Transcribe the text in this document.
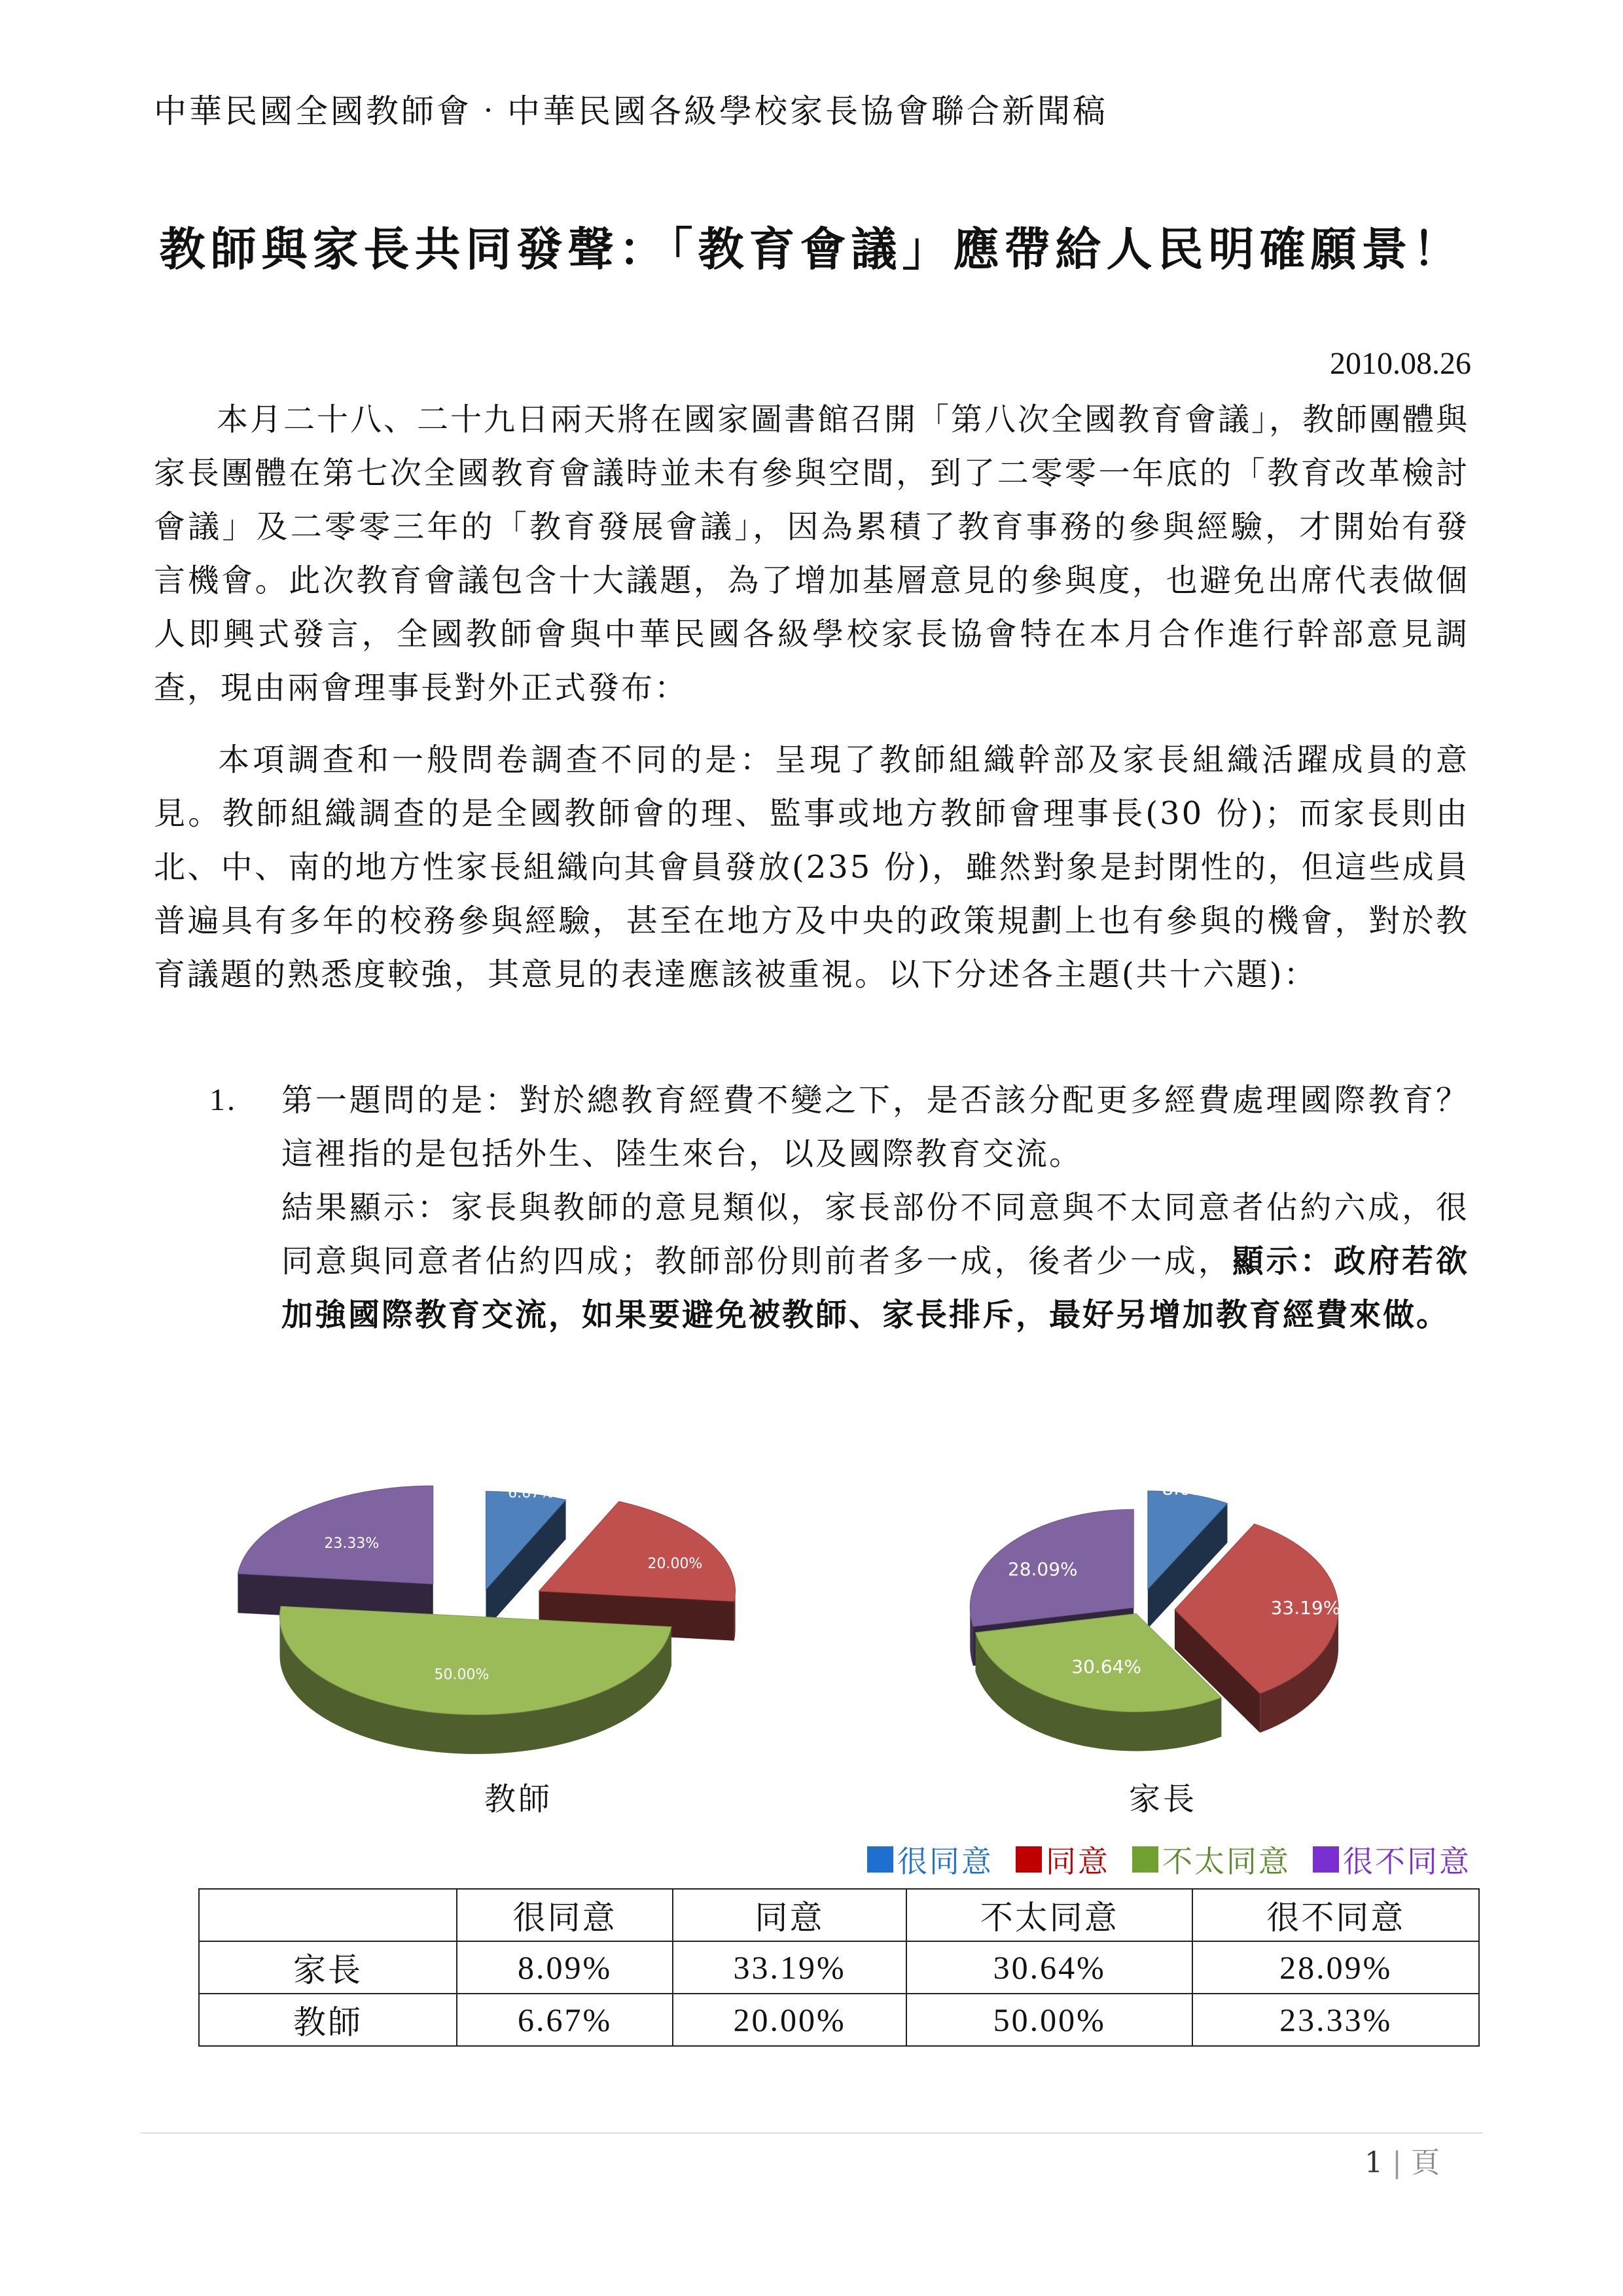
中華民國全國教師會‧中華民國各級學校家長協會聯合新聞稿
教師與家長共同發聲：「教育會議」應帶給人民明確願景！
2010.08.26
本月二十八、二十九日兩天將在國家圖書館召開「第八次全國教育會議」，教師團體與家長團體在第七次全國教育會議時並未有參與空間，到了二零零一年底的「教育改革檢討會議」及二零零三年的「教育發展會議」，因為累積了教育事務的參與經驗，才開始有發言機會。此次教育會議包含十大議題，為了增加基層意見的參與度，也避免出席代表做個人即興式發言，全國教師會與中華民國各級學校家長協會特在本月合作進行幹部意見調查，現由兩會理事長對外正式發布：
本項調查和一般問卷調查不同的是：呈現了教師組織幹部及家長組織活躍成員的意見。教師組織調查的是全國教師會的理、監事或地方教師會理事長(30 份)；而家長則由北、中、南的地方性家長組織向其會員發放(235 份)，雖然對象是封閉性的，但這些成員普遍具有多年的校務參與經驗，甚至在地方及中央的政策規劃上也有參與的機會，對於教育議題的熟悉度較強，其意見的表達應該被重視。以下分述各主題(共十六題)：
1. 第一題問的是：對於總教育經費不變之下，是否該分配更多經費處理國際教育？這裡指的是包括外生、陸生來台，以及國際教育交流。
結果顯示：家長與教師的意見類似，家長部份不同意與不太同意者佔約六成，很同意與同意者佔約四成；教師部份則前者多一成，後者少一成，顯示：政府若欲加強國際教育交流，如果要避免被教師、家長排斥，最好另增加教育經費來做。
6.67%
20.00%
50.00%
23.33%
8.09%
33.19%
30.64%
28.09%
教師	家長
很同意 同意 不太同意 很不同意
	很同意	同意	不太同意	很不同意
家長	8.09%	33.19%	30.64%	28.09%
教師	6.67%	20.00%	50.00%	23.33%
1 | 頁
